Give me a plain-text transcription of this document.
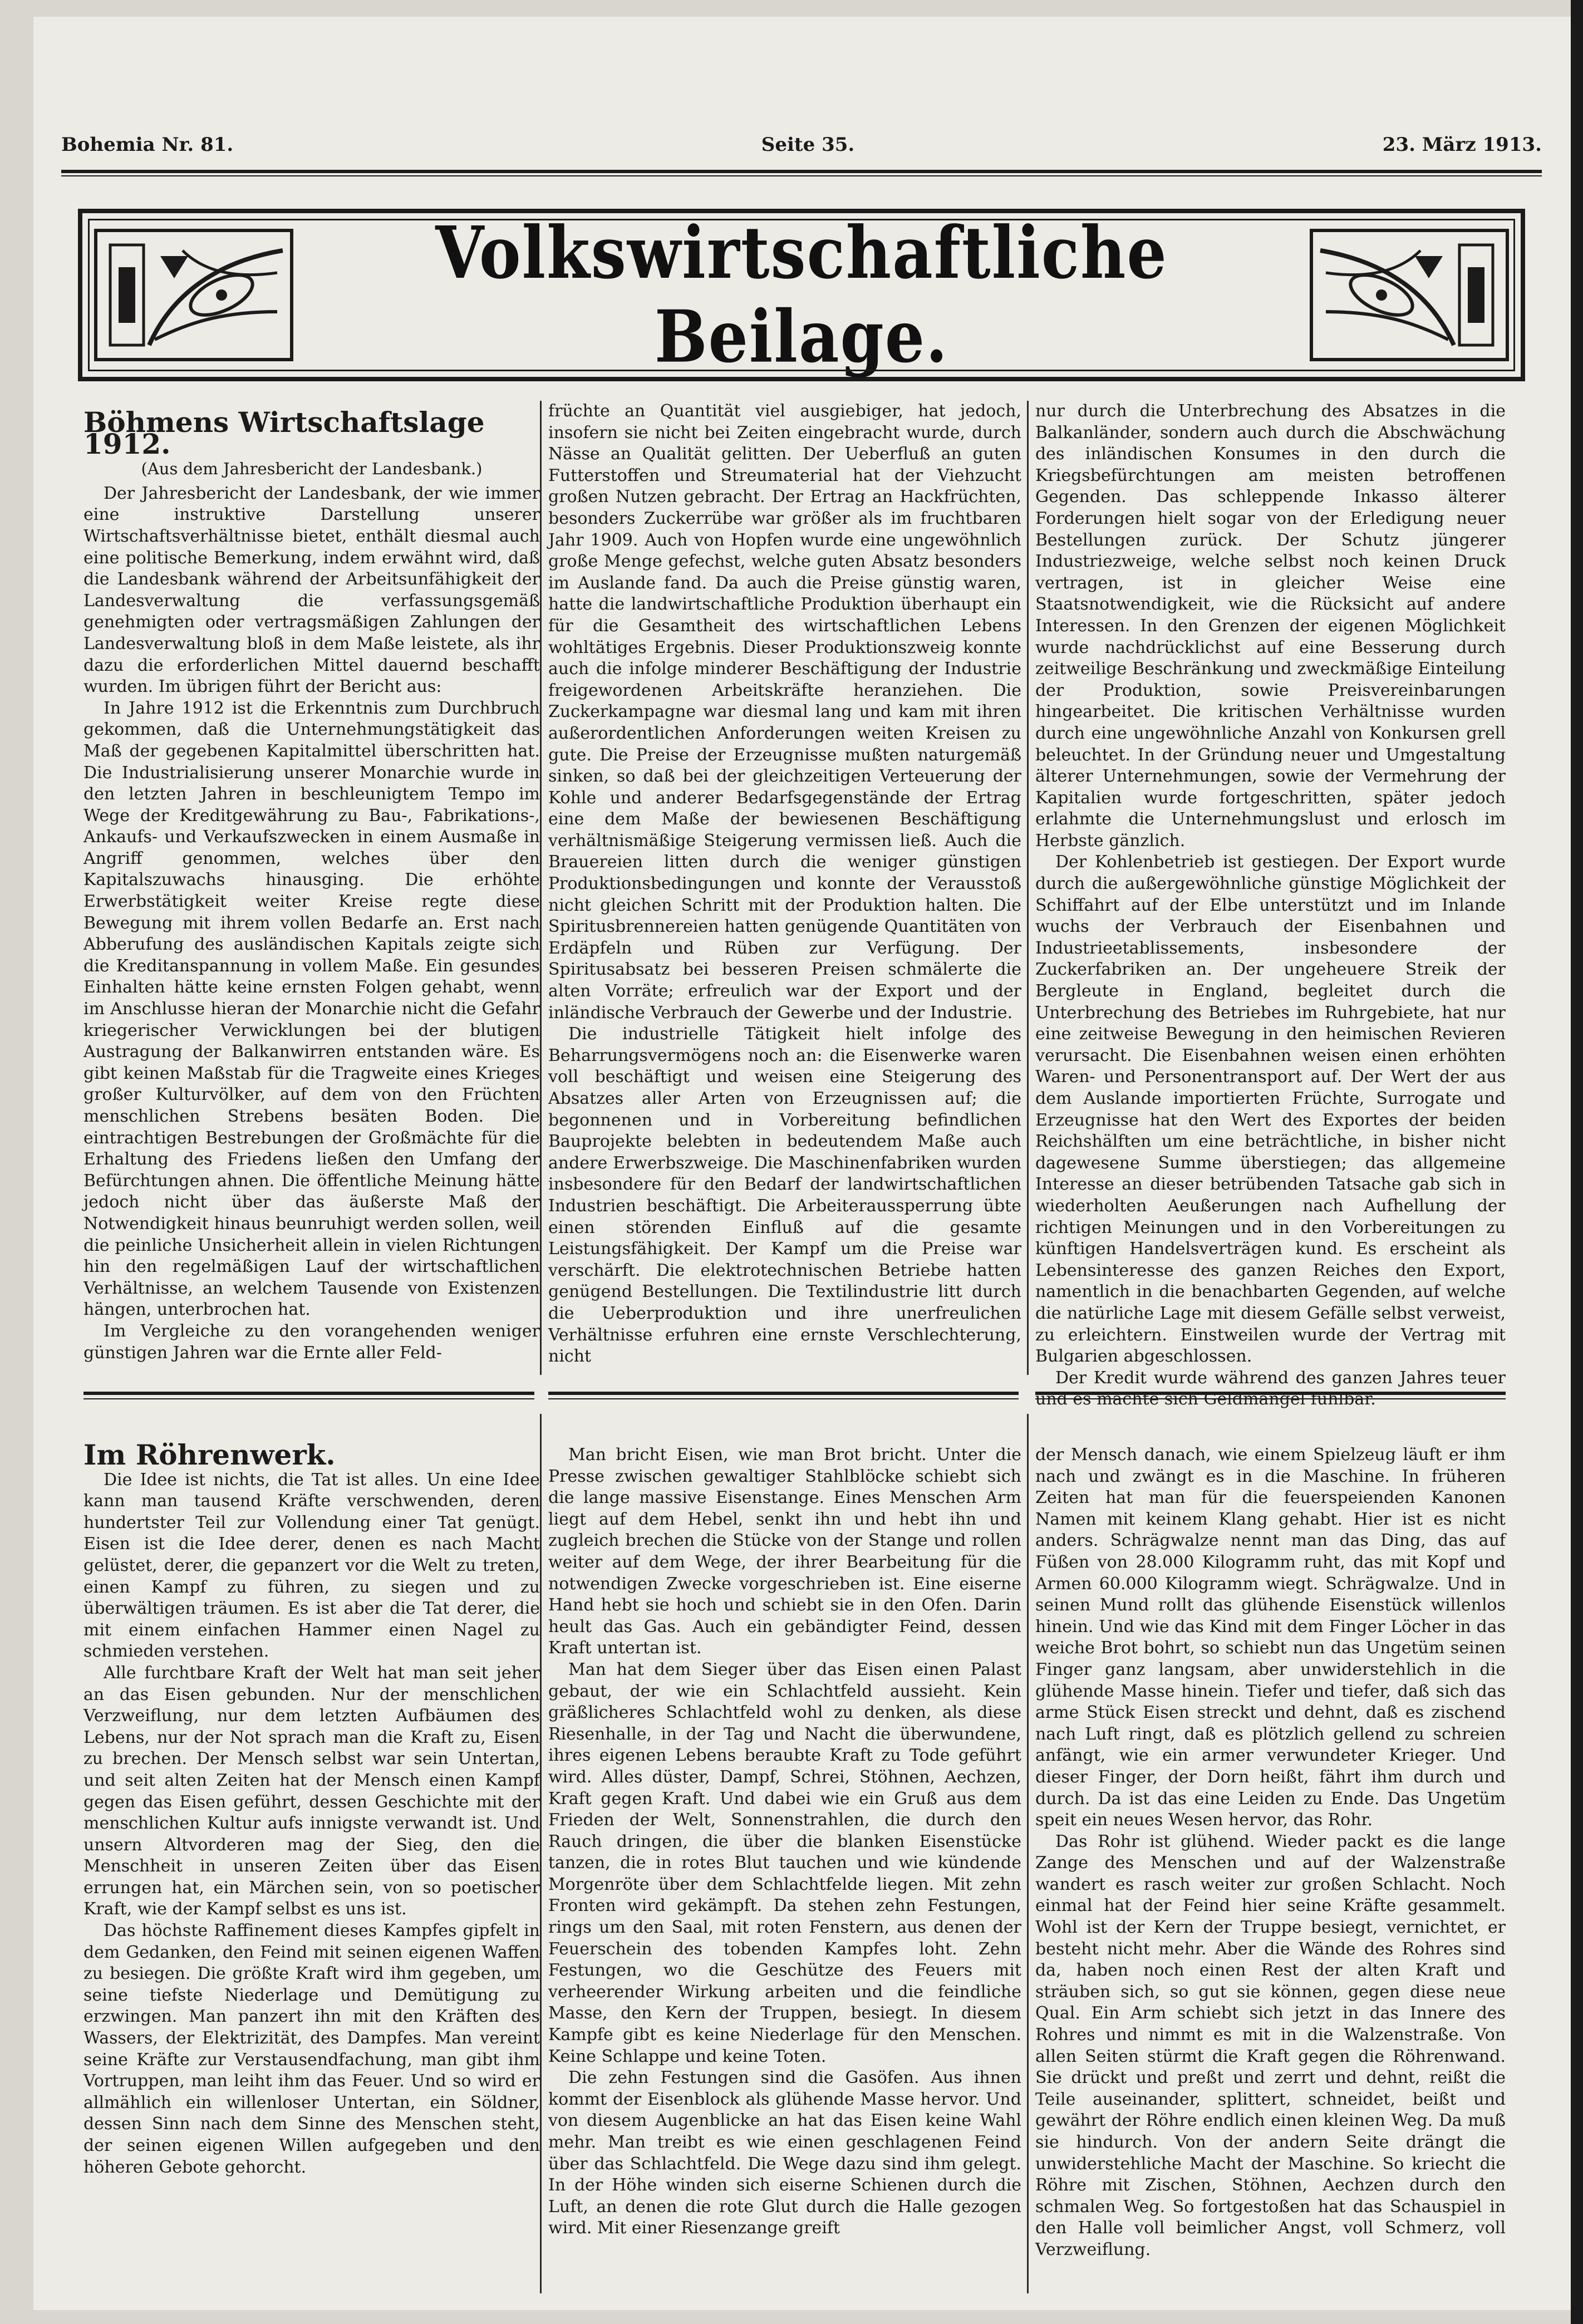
Bohemia Nr. 81.	Seite 35.	23. März 1913.
Volkswirtschaftliche Beilage.
Böhmens Wirtschaftslage 1912.
(Aus dem Jahresbericht der Landesbank.)

Der Jahresbericht der Landesbank, der wie immer eine instruktive Darstellung unserer Wirtschaftsverhältnisse bietet, enthält diesmal auch eine politische Bemerkung, indem erwähnt wird, daß die Landesbank während der Arbeitsunfähigkeit der Landesverwaltung die verfassungsgemäß genehmigten oder vertragsmäßigen Zahlungen der Landesverwaltung bloß in dem Maße leistete, als ihr dazu die erforderlichen Mittel dauernd beschafft wurden. Im übrigen führt der Bericht aus:

In Jahre 1912 ist die Erkenntnis zum Durchbruch gekommen, daß die Unternehmungstätigkeit das Maß der gegebenen Kapitalmittel überschritten hat. Die Industrialisierung unserer Monarchie wurde in den letzten Jahren in beschleunigtem Tempo im Wege der Kreditgewährung zu Bau-, Fabrikations-, Ankaufs- und Verkaufszwecken in einem Ausmaße in Angriff genommen, welches über den Kapitalszuwachs hinausging. Die erhöhte Erwerbstätigkeit weiter Kreise regte diese Bewegung mit ihrem vollen Bedarfe an. Erst nach Abberufung des ausländischen Kapitals zeigte sich die Kreditanspannung in vollem Maße. Ein gesundes Einhalten hätte keine ernsten Folgen gehabt, wenn im Anschlusse hieran der Monarchie nicht die Gefahr kriegerischer Verwicklungen bei der blutigen Austragung der Balkanwirren entstanden wäre. Es gibt keinen Maßstab für die Tragweite eines Krieges großer Kulturvölker, auf dem von den Früchten menschlichen Strebens besäten Boden. Die eintrachtigen Bestrebungen der Großmächte für die Erhaltung des Friedens ließen den Umfang der Befürchtungen ahnen. Die öffentliche Meinung hätte jedoch nicht über das äußerste Maß der Notwendigkeit hinaus beunruhigt werden sollen, weil die peinliche Unsicherheit allein in vielen Richtungen hin den regelmäßigen Lauf der wirtschaftlichen Verhältnisse, an welchem Tausende von Existenzen hängen, unterbrochen hat.

Im Vergleiche zu den vorangehenden weniger günstigen Jahren war die Ernte aller Feld-

früchte an Quantität viel ausgiebiger, hat jedoch, insofern sie nicht bei Zeiten eingebracht wurde, durch Nässe an Qualität gelitten. Der Ueberfluß an guten Futterstoffen und Streumaterial hat der Viehzucht großen Nutzen gebracht. Der Ertrag an Hackfrüchten, besonders Zuckerrübe war größer als im fruchtbaren Jahr 1909. Auch von Hopfen wurde eine ungewöhnlich große Menge gefechst, welche guten Absatz besonders im Auslande fand. Da auch die Preise günstig waren, hatte die landwirtschaftliche Produktion überhaupt ein für die Gesamtheit des wirtschaftlichen Lebens wohltätiges Ergebnis. Dieser Produktionszweig konnte auch die infolge minderer Beschäftigung der Industrie freigewordenen Arbeitskräfte heranziehen. Die Zuckerkampagne war diesmal lang und kam mit ihren außerordentlichen Anforderungen weiten Kreisen zu gute. Die Preise der Erzeugnisse mußten naturgemäß sinken, so daß bei der gleichzeitigen Verteuerung der Kohle und anderer Bedarfsgegenstände der Ertrag eine dem Maße der bewiesenen Beschäftigung verhältnismäßige Steigerung vermissen ließ. Auch die Brauereien litten durch die weniger günstigen Produktionsbedingungen und konnte der Verausstoß nicht gleichen Schritt mit der Produktion halten. Die Spiritusbrennereien hatten genügende Quantitäten von Erdäpfeln und Rüben zur Verfügung. Der Spiritusabsatz bei besseren Preisen schmälerte die alten Vorräte; erfreulich war der Export und der inländische Verbrauch der Gewerbe und der Industrie.

Die industrielle Tätigkeit hielt infolge des Beharrungsvermögens noch an: die Eisenwerke waren voll beschäftigt und weisen eine Steigerung des Absatzes aller Arten von Erzeugnissen auf; die begonnenen und in Vorbereitung befindlichen Bauprojekte belebten in bedeutendem Maße auch andere Erwerbszweige. Die Maschinenfabriken wurden insbesondere für den Bedarf der landwirtschaftlichen Industrien beschäftigt. Die Arbeiteraussperrung übte einen störenden Einfluß auf die gesamte Leistungsfähigkeit. Der Kampf um die Preise war verschärft. Die elektrotechnischen Betriebe hatten genügend Bestellungen. Die Textilindustrie litt durch die Ueberproduktion und ihre unerfreulichen Verhältnisse erfuhren eine ernste Verschlechterung, nicht

nur durch die Unterbrechung des Absatzes in die Balkanländer, sondern auch durch die Abschwächung des inländischen Konsumes in den durch die Kriegsbefürchtungen am meisten betroffenen Gegenden. Das schleppende Inkasso älterer Forderungen hielt sogar von der Erledigung neuer Bestellungen zurück. Der Schutz jüngerer Industriezweige, welche selbst noch keinen Druck vertragen, ist in gleicher Weise eine Staatsnotwendigkeit, wie die Rücksicht auf andere Interessen. In den Grenzen der eigenen Möglichkeit wurde nachdrücklichst auf eine Besserung durch zeitweilige Beschränkung und zweckmäßige Einteilung der Produktion, sowie Preisvereinbarungen hingearbeitet. Die kritischen Verhältnisse wurden durch eine ungewöhnliche Anzahl von Konkursen grell beleuchtet. In der Gründung neuer und Umgestaltung älterer Unternehmungen, sowie der Vermehrung der Kapitalien wurde fortgeschritten, später jedoch erlahmte die Unternehmungslust und erlosch im Herbste gänzlich.

Der Kohlenbetrieb ist gestiegen. Der Export wurde durch die außergewöhnliche günstige Möglichkeit der Schiffahrt auf der Elbe unterstützt und im Inlande wuchs der Verbrauch der Eisenbahnen und Industrieetablissements, insbesondere der Zuckerfabriken an. Der ungeheuere Streik der Bergleute in England, begleitet durch die Unterbrechung des Betriebes im Ruhrgebiete, hat nur eine zeitweise Bewegung in den heimischen Revieren verursacht. Die Eisenbahnen weisen einen erhöhten Waren- und Personentransport auf. Der Wert der aus dem Auslande importierten Früchte, Surrogate und Erzeugnisse hat den Wert des Exportes der beiden Reichshälften um eine beträchtliche, in bisher nicht dagewesene Summe überstiegen; das allgemeine Interesse an dieser betrübenden Tatsache gab sich in wiederholten Aeußerungen nach Aufhellung der richtigen Meinungen und in den Vorbereitungen zu künftigen Handelsverträgen kund. Es erscheint als Lebensinteresse des ganzen Reiches den Export, namentlich in die benachbarten Gegenden, auf welche die natürliche Lage mit diesem Gefälle selbst verweist, zu erleichtern. Einstweilen wurde der Vertrag mit Bulgarien abgeschlossen.

Der Kredit wurde während des ganzen Jahres teuer und es machte sich Geldmangel fühlbar.

Im Röhrenwerk.

Die Idee ist nichts, die Tat ist alles. Un eine Idee kann man tausend Kräfte verschwenden, deren hundertster Teil zur Vollendung einer Tat genügt. Eisen ist die Idee derer, denen es nach Macht gelüstet, derer, die gepanzert vor die Welt zu treten, einen Kampf zu führen, zu siegen und zu überwältigen träumen. Es ist aber die Tat derer, die mit einem einfachen Hammer einen Nagel zu schmieden verstehen.

Alle furchtbare Kraft der Welt hat man seit jeher an das Eisen gebunden. Nur der menschlichen Verzweiflung, nur dem letzten Aufbäumen des Lebens, nur der Not sprach man die Kraft zu, Eisen zu brechen. Der Mensch selbst war sein Untertan, und seit alten Zeiten hat der Mensch einen Kampf gegen das Eisen geführt, dessen Geschichte mit der menschlichen Kultur aufs innigste verwandt ist. Und unsern Altvorderen mag der Sieg, den die Menschheit in unseren Zeiten über das Eisen errungen hat, ein Märchen sein, von so poetischer Kraft, wie der Kampf selbst es uns ist.

Das höchste Raffinement dieses Kampfes gipfelt in dem Gedanken, den Feind mit seinen eigenen Waffen zu besiegen. Die größte Kraft wird ihm gegeben, um seine tiefste Niederlage und Demütigung zu erzwingen. Man panzert ihn mit den Kräften des Wassers, der Elektrizität, des Dampfes. Man vereint seine Kräfte zur Verstausendfachung, man gibt ihm Vortruppen, man leiht ihm das Feuer. Und so wird er allmählich ein willenloser Untertan, ein Söldner, dessen Sinn nach dem Sinne des Menschen steht, der seinen eigenen Willen aufgegeben und den höheren Gebote gehorcht.

Man bricht Eisen, wie man Brot bricht. Unter die Presse zwischen gewaltiger Stahlblöcke schiebt sich die lange massive Eisenstange. Eines Menschen Arm liegt auf dem Hebel, senkt ihn und hebt ihn und zugleich brechen die Stücke von der Stange und rollen weiter auf dem Wege, der ihrer Bearbeitung für die notwendigen Zwecke vorgeschrieben ist. Eine eiserne Hand hebt sie hoch und schiebt sie in den Ofen. Darin heult das Gas. Auch ein gebändigter Feind, dessen Kraft untertan ist.

Man hat dem Sieger über das Eisen einen Palast gebaut, der wie ein Schlachtfeld aussieht. Kein gräßlicheres Schlachtfeld wohl zu denken, als diese Riesenhalle, in der Tag und Nacht die überwundene, ihres eigenen Lebens beraubte Kraft zu Tode geführt wird. Alles düster, Dampf, Schrei, Stöhnen, Aechzen, Kraft gegen Kraft. Und dabei wie ein Gruß aus dem Frieden der Welt, Sonnenstrahlen, die durch den Rauch dringen, die über die blanken Eisenstücke tanzen, die in rotes Blut tauchen und wie kündende Morgenröte über dem Schlachtfelde liegen. Mit zehn Fronten wird gekämpft. Da stehen zehn Festungen, rings um den Saal, mit roten Fenstern, aus denen der Feuerschein des tobenden Kampfes loht. Zehn Festungen, wo die Geschütze des Feuers mit verheerender Wirkung arbeiten und die feindliche Masse, den Kern der Truppen, besiegt. In diesem Kampfe gibt es keine Niederlage für den Menschen. Keine Schlappe und keine Toten.

Die zehn Festungen sind die Gasöfen. Aus ihnen kommt der Eisenblock als glühende Masse hervor. Und von diesem Augenblicke an hat das Eisen keine Wahl mehr. Man treibt es wie einen geschlagenen Feind über das Schlachtfeld. Die Wege dazu sind ihm gelegt. In der Höhe winden sich eiserne Schienen durch die Luft, an denen die rote Glut durch die Halle gezogen wird. Mit einer Riesenzange greift

der Mensch danach, wie einem Spielzeug läuft er ihm nach und zwängt es in die Maschine. In früheren Zeiten hat man für die feuerspeienden Kanonen Namen mit keinem Klang gehabt. Hier ist es nicht anders. Schrägwalze nennt man das Ding, das auf Füßen von 28.000 Kilogramm ruht, das mit Kopf und Armen 60.000 Kilogramm wiegt. Schrägwalze. Und in seinen Mund rollt das glühende Eisenstück willenlos hinein. Und wie das Kind mit dem Finger Löcher in das weiche Brot bohrt, so schiebt nun das Ungetüm seinen Finger ganz langsam, aber unwiderstehlich in die glühende Masse hinein. Tiefer und tiefer, daß sich das arme Stück Eisen streckt und dehnt, daß es zischend nach Luft ringt, daß es plötzlich gellend zu schreien anfängt, wie ein armer verwundeter Krieger. Und dieser Finger, der Dorn heißt, fährt ihm durch und durch. Da ist das eine Leiden zu Ende. Das Ungetüm speit ein neues Wesen hervor, das Rohr.

Das Rohr ist glühend. Wieder packt es die lange Zange des Menschen und auf der Walzenstraße wandert es rasch weiter zur großen Schlacht. Noch einmal hat der Feind hier seine Kräfte gesammelt. Wohl ist der Kern der Truppe besiegt, vernichtet, er besteht nicht mehr. Aber die Wände des Rohres sind da, haben noch einen Rest der alten Kraft und sträuben sich, so gut sie können, gegen diese neue Qual. Ein Arm schiebt sich jetzt in das Innere des Rohres und nimmt es mit in die Walzenstraße. Von allen Seiten stürmt die Kraft gegen die Röhrenwand. Sie drückt und preßt und zerrt und dehnt, reißt die Teile auseinander, splittert, schneidet, beißt und gewährt der Röhre endlich einen kleinen Weg. Da muß sie hindurch. Von der andern Seite drängt die unwiderstehliche Macht der Maschine. So kriecht die Röhre mit Zischen, Stöhnen, Aechzen durch den schmalen Weg. So fortgestoßen hat das Schauspiel in den Halle voll beimlicher Angst, voll Schmerz, voll Verzweiflung.
